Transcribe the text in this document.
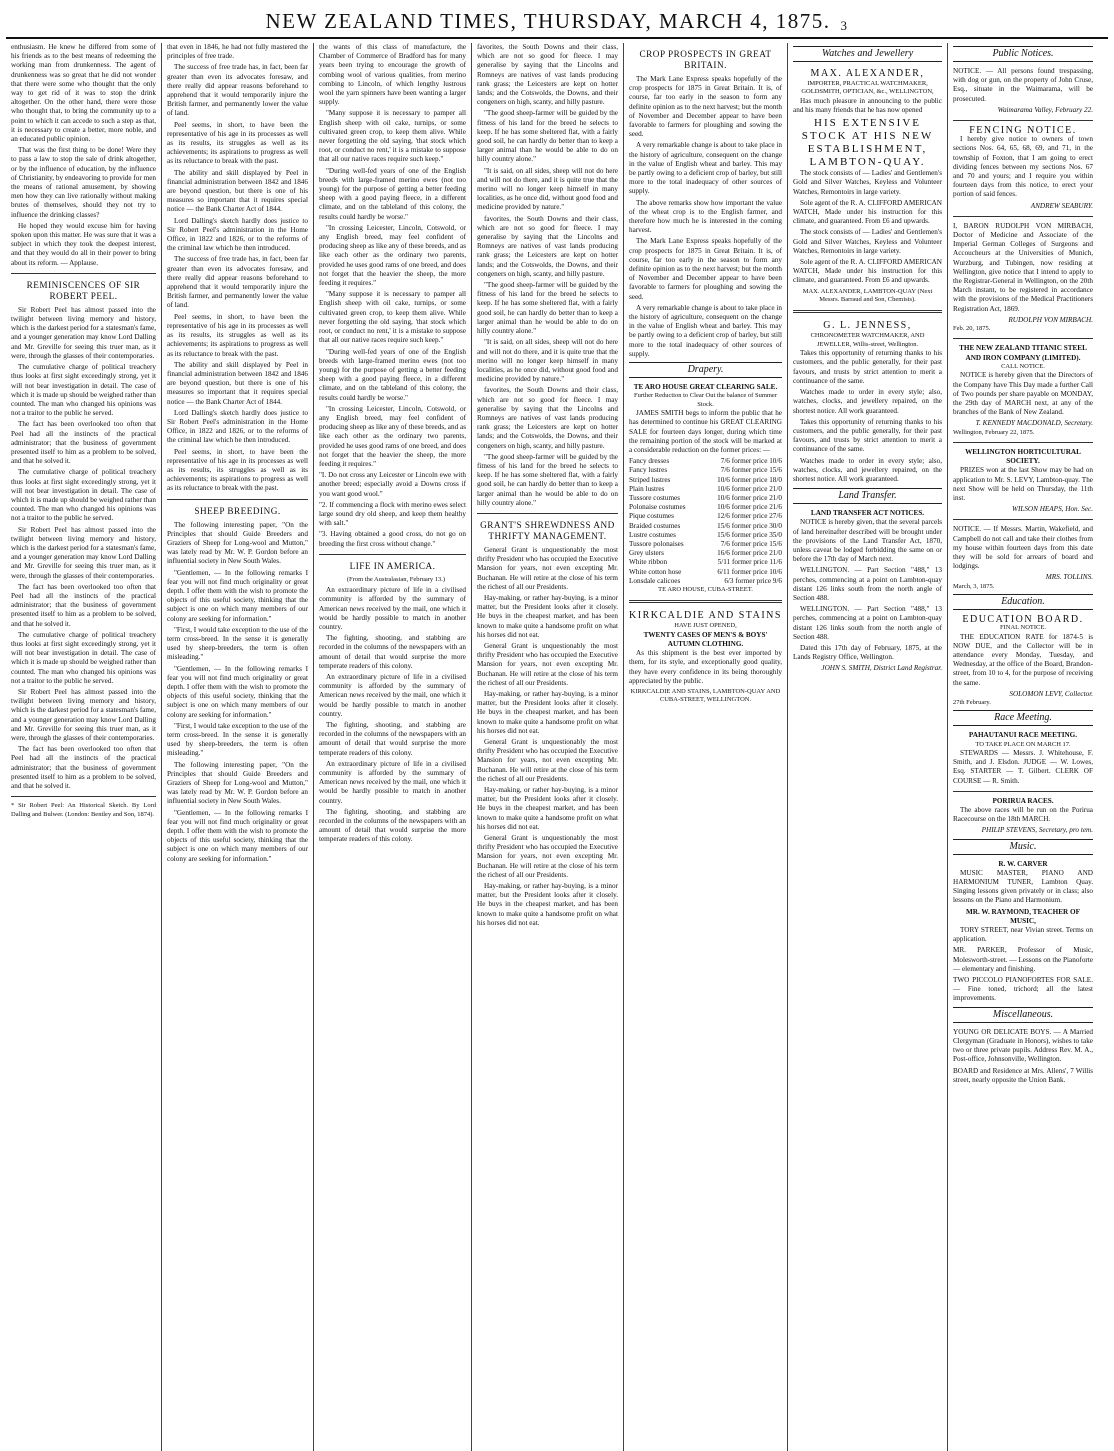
NEW ZEALAND TIMES, THURSDAY, MARCH 4, 1875. 3

enthusiasm. He knew he differed from some of his friends as to the best means of redeeming the working man from drunkenness. The agent of drunkenness was so great that he did not wonder that there were some who thought that the only way to get rid of it was to stop the drink altogether. On the other hand, there were those who thought that, to bring the community up to a point to which it can accede to such a step as that, it is necessary to create a better, more noble, and an educated public opinion.

That was the first thing to be done! Were they to pass a law to stop the sale of drink altogether, or by the influence of education, by the influence of Christianity, by endeavoring to provide for men the means of rational amusement, by showing men how they can live rationally without making brutes of themselves, should they not try to influence the drinking classes?

He hoped they would excuse him for having spoken upon this matter. He was sure that it was a subject in which they took the deepest interest, and that they would do all in their power to bring about its reform. — Applause.

REMINISCENCES OF SIR ROBERT PEEL.

Sir Robert Peel has almost passed into the twilight between living memory and history, which is the darkest period for a statesman's fame, and a younger generation may know Lord Dalling and Mr. Greville for seeing this truer man, as it were, through the glasses of their contemporaries.

The cumulative charge of political treachery thus looks at first sight exceedingly strong, yet it will not bear investigation in detail. The case of which it is made up should be weighed rather than counted. The man who changed his opinions was not a traitor to the public he served.

The fact has been overlooked too often that Peel had all the instincts of the practical administrator; that the business of government presented itself to him as a problem to be solved, and that he solved it.

The cumulative charge of political treachery thus looks at first sight exceedingly strong, yet it will not bear investigation in detail. The case of which it is made up should be weighed rather than counted. The man who changed his opinions was not a traitor to the public he served.

Sir Robert Peel has almost passed into the twilight between living memory and history, which is the darkest period for a statesman's fame, and a younger generation may know Lord Dalling and Mr. Greville for seeing this truer man, as it were, through the glasses of their contemporaries.

The fact has been overlooked too often that Peel had all the instincts of the practical administrator; that the business of government presented itself to him as a problem to be solved, and that he solved it.

The cumulative charge of political treachery thus looks at first sight exceedingly strong, yet it will not bear investigation in detail. The case of which it is made up should be weighed rather than counted. The man who changed his opinions was not a traitor to the public he served.

Sir Robert Peel has almost passed into the twilight between living memory and history, which is the darkest period for a statesman's fame, and a younger generation may know Lord Dalling and Mr. Greville for seeing this truer man, as it were, through the glasses of their contemporaries.

The fact has been overlooked too often that Peel had all the instincts of the practical administrator; that the business of government presented itself to him as a problem to be solved, and that he solved it.

* Sir Robert Peel: An Historical Sketch. By Lord Dalling and Bulwer. (London: Bentley and Son, 1874).

that even in 1846, he had not fully mastered the principles of free trade.

The success of free trade has, in fact, been far greater than even its advocates foresaw, and there really did appear reasons beforehand to apprehend that it would temporarily injure the British farmer, and permanently lower the value of land.

Peel seems, in short, to have been the representative of his age in its processes as well as its results, its struggles as well as its achievements; its aspirations to progress as well as its reluctance to break with the past.

The ability and skill displayed by Peel in financial administration between 1842 and 1846 are beyond question, but there is one of his measures so important that it requires special notice — the Bank Charter Act of 1844.

Lord Dalling's sketch hardly does justice to Sir Robert Peel's administration in the Home Office, in 1822 and 1826, or to the reforms of the criminal law which he then introduced.

The success of free trade has, in fact, been far greater than even its advocates foresaw, and there really did appear reasons beforehand to apprehend that it would temporarily injure the British farmer, and permanently lower the value of land.

Peel seems, in short, to have been the representative of his age in its processes as well as its results, its struggles as well as its achievements; its aspirations to progress as well as its reluctance to break with the past.

The ability and skill displayed by Peel in financial administration between 1842 and 1846 are beyond question, but there is one of his measures so important that it requires special notice — the Bank Charter Act of 1844.

Lord Dalling's sketch hardly does justice to Sir Robert Peel's administration in the Home Office, in 1822 and 1826, or to the reforms of the criminal law which he then introduced.

Peel seems, in short, to have been the representative of his age in its processes as well as its results, its struggles as well as its achievements; its aspirations to progress as well as its reluctance to break with the past.

SHEEP BREEDING.

The following interesting paper, "On the Principles that should Guide Breeders and Graziers of Sheep for Long-wool and Mutton," was lately read by Mr. W. P. Gordon before an influential society in New South Wales.

"Gentlemen, — In the following remarks I fear you will not find much originality or great depth. I offer them with the wish to promote the objects of this useful society, thinking that the subject is one on which many members of our colony are seeking for information."

"First, I would take exception to the use of the term cross-breed. In the sense it is generally used by sheep-breeders, the term is often misleading."

"Gentlemen, — In the following remarks I fear you will not find much originality or great depth. I offer them with the wish to promote the objects of this useful society, thinking that the subject is one on which many members of our colony are seeking for information."

"First, I would take exception to the use of the term cross-breed. In the sense it is generally used by sheep-breeders, the term is often misleading."

The following interesting paper, "On the Principles that should Guide Breeders and Graziers of Sheep for Long-wool and Mutton," was lately read by Mr. W. P. Gordon before an influential society in New South Wales.

"Gentlemen, — In the following remarks I fear you will not find much originality or great depth. I offer them with the wish to promote the objects of this useful society, thinking that the subject is one on which many members of our colony are seeking for information."

the wants of this class of manufacture, the Chamber of Commerce of Bradford has for many years been trying to encourage the growth of combing wool of various qualities, from merino combing to Lincoln, of which lengthy lustrous wool the yarn spinners have been wanting a larger supply.

"Many suppose it is necessary to pamper all English sheep with oil cake, turnips, or some cultivated green crop, to keep them alive. While never forgetting the old saying, 'that stock which root, or conduct no rent,' it is a mistake to suppose that all our native races require such keep."

"During well-fed years of one of the English breeds with large-framed merino ewes (not too young) for the purpose of getting a better feeding sheep with a good paying fleece, in a different climate, and on the tableland of this colony, the results could hardly be worse."

"In crossing Leicester, Lincoln, Cotswold, or any English breed, may feel confident of producing sheep as like any of these breeds, and as like each other as the ordinary two parents, provided he uses good rams of one breed, and does not forget that the heavier the sheep, the more feeding it requires."

"Many suppose it is necessary to pamper all English sheep with oil cake, turnips, or some cultivated green crop, to keep them alive. While never forgetting the old saying, 'that stock which root, or conduct no rent,' it is a mistake to suppose that all our native races require such keep."

"During well-fed years of one of the English breeds with large-framed merino ewes (not too young) for the purpose of getting a better feeding sheep with a good paying fleece, in a different climate, and on the tableland of this colony, the results could hardly be worse."

"In crossing Leicester, Lincoln, Cotswold, or any English breed, may feel confident of producing sheep as like any of these breeds, and as like each other as the ordinary two parents, provided he uses good rams of one breed, and does not forget that the heavier the sheep, the more feeding it requires."

"I. Do not cross any Leicester or Lincoln ewe with another breed; especially avoid a Downs cross if you want good wool."

"2. If commencing a flock with merino ewes select large sound dry old sheep, and keep them healthy with salt."

"3. Having obtained a good cross, do not go on breeding the first cross without change."

LIFE IN AMERICA.

(From the Australasian, February 13.)

An extraordinary picture of life in a civilised community is afforded by the summary of American news received by the mail, one which it would be hardly possible to match in another country.

The fighting, shooting, and stabbing are recorded in the columns of the newspapers with an amount of detail that would surprise the more temperate readers of this colony.

An extraordinary picture of life in a civilised community is afforded by the summary of American news received by the mail, one which it would be hardly possible to match in another country.

The fighting, shooting, and stabbing are recorded in the columns of the newspapers with an amount of detail that would surprise the more temperate readers of this colony.

An extraordinary picture of life in a civilised community is afforded by the summary of American news received by the mail, one which it would be hardly possible to match in another country.

The fighting, shooting, and stabbing are recorded in the columns of the newspapers with an amount of detail that would surprise the more temperate readers of this colony.

favorites, the South Downs and their class, which are not so good for fleece. I may generalise by saying that the Lincolns and Romneys are natives of vast lands producing rank grass; the Leicesters are kept on hotter lands; and the Cotswolds, the Downs, and their congeners on high, scanty, and hilly pasture.

"The good sheep-farmer will be guided by the fitness of his land for the breed he selects to keep. If he has some sheltered flat, with a fairly good soil, he can hardly do better than to keep a larger animal than he would be able to do on hilly country alone."

"It is said, on all sides, sheep will not do here and will not do there, and it is quite true that the merino will no longer keep himself in many localities, as he once did, without good food and medicine provided by nature."

favorites, the South Downs and their class, which are not so good for fleece. I may generalise by saying that the Lincolns and Romneys are natives of vast lands producing rank grass; the Leicesters are kept on hotter lands; and the Cotswolds, the Downs, and their congeners on high, scanty, and hilly pasture.

"The good sheep-farmer will be guided by the fitness of his land for the breed he selects to keep. If he has some sheltered flat, with a fairly good soil, he can hardly do better than to keep a larger animal than he would be able to do on hilly country alone."

"It is said, on all sides, sheep will not do here and will not do there, and it is quite true that the merino will no longer keep himself in many localities, as he once did, without good food and medicine provided by nature."

favorites, the South Downs and their class, which are not so good for fleece. I may generalise by saying that the Lincolns and Romneys are natives of vast lands producing rank grass; the Leicesters are kept on hotter lands; and the Cotswolds, the Downs, and their congeners on high, scanty, and hilly pasture.

"The good sheep-farmer will be guided by the fitness of his land for the breed he selects to keep. If he has some sheltered flat, with a fairly good soil, he can hardly do better than to keep a larger animal than he would be able to do on hilly country alone."

GRANT'S SHREWDNESS AND THRIFTY MANAGEMENT.

General Grant is unquestionably the most thrifty President who has occupied the Executive Mansion for years, not even excepting Mr. Buchanan. He will retire at the close of his term the richest of all our Presidents.

Hay-making, or rather hay-buying, is a minor matter, but the President looks after it closely. He buys in the cheapest market, and has been known to make quite a handsome profit on what his horses did not eat.

General Grant is unquestionably the most thrifty President who has occupied the Executive Mansion for years, not even excepting Mr. Buchanan. He will retire at the close of his term the richest of all our Presidents.

Hay-making, or rather hay-buying, is a minor matter, but the President looks after it closely. He buys in the cheapest market, and has been known to make quite a handsome profit on what his horses did not eat.

General Grant is unquestionably the most thrifty President who has occupied the Executive Mansion for years, not even excepting Mr. Buchanan. He will retire at the close of his term the richest of all our Presidents.

Hay-making, or rather hay-buying, is a minor matter, but the President looks after it closely. He buys in the cheapest market, and has been known to make quite a handsome profit on what his horses did not eat.

General Grant is unquestionably the most thrifty President who has occupied the Executive Mansion for years, not even excepting Mr. Buchanan. He will retire at the close of his term the richest of all our Presidents.

Hay-making, or rather hay-buying, is a minor matter, but the President looks after it closely. He buys in the cheapest market, and has been known to make quite a handsome profit on what his horses did not eat.

CROP PROSPECTS IN GREAT BRITAIN.

The Mark Lane Express speaks hopefully of the crop prospects for 1875 in Great Britain. It is, of course, far too early in the season to form any definite opinion as to the next harvest; but the month of November and December appear to have been favorable to farmers for ploughing and sowing the seed.

A very remarkable change is about to take place in the history of agriculture, consequent on the change in the value of English wheat and barley. This may be partly owing to a deficient crop of barley, but still more to the total inadequacy of other sources of supply.

The above remarks show how important the value of the wheat crop is to the English farmer, and therefore how much he is interested in the coming harvest.

The Mark Lane Express speaks hopefully of the crop prospects for 1875 in Great Britain. It is, of course, far too early in the season to form any definite opinion as to the next harvest; but the month of November and December appear to have been favorable to farmers for ploughing and sowing the seed.

A very remarkable change is about to take place in the history of agriculture, consequent on the change in the value of English wheat and barley. This may be partly owing to a deficient crop of barley, but still more to the total inadequacy of other sources of supply.

Drapery.
TE ARO HOUSE GREAT CLEARING SALE.
Further Reduction to Clear Out the balance of Summer Stock.

JAMES SMITH begs to inform the public that he has determined to continue his GREAT CLEARING SALE for fourteen days longer, during which time the remaining portion of the stock will be marked at a considerable reduction on the former prices: —

Fancy dresses	7/6 former price 10/6
Fancy lustres	7/6 former price 15/6
Striped lustres	10/6 former price 18/0
Plain lustres	10/6 former price 21/0
Tussore costumes	10/6 former price 21/0
Polonaise costumes	10/6 former price 21/6
Pique costumes	12/6 former price 27/6
Braided costumes	15/6 former price 30/0
Lustre costumes	15/6 former price 35/0
Tussore polonaises	7/6 former price 15/6
Grey ulsters	16/6 former price 21/0
White ribbon	5/11 former price 11/6
White cotton hose	6/11 former price 10/6
Lonsdale calicoes	6/3 former price 9/6
TE ARO HOUSE, CUBA-STREET.
KIRKCALDIE AND STAINS
HAVE JUST OPENED,
TWENTY CASES OF MEN'S & BOYS' AUTUMN CLOTHING.

As this shipment is the best ever imported by them, for its style, and exceptionally good quality, they have every confidence in its being thoroughly appreciated by the public.

KIRKCALDIE AND STAINS, LAMBTON-QUAY AND CUBA-STREET, WELLINGTON.
Watches and Jewellery
MAX. ALEXANDER,
IMPORTER, PRACTICAL WATCHMAKER, GOLDSMITH, OPTICIAN, &c., WELLINGTON,

Has much pleasure in announcing to the public and his many friends that he has now opened

HIS EXTENSIVE STOCK AT HIS NEW ESTABLISHMENT, LAMBTON-QUAY.

The stock consists of — Ladies' and Gentlemen's Gold and Silver Watches, Keyless and Volunteer Watches, Remontoirs in large variety.

Sole agent of the R. A. CLIFFORD AMERICAN WATCH, Made under his instruction for this climate, and guaranteed. From £6 and upwards.

The stock consists of — Ladies' and Gentlemen's Gold and Silver Watches, Keyless and Volunteer Watches, Remontoirs in large variety.

Sole agent of the R. A. CLIFFORD AMERICAN WATCH, Made under his instruction for this climate, and guaranteed. From £6 and upwards.

MAX. ALEXANDER, LAMBTON-QUAY (Next Messrs. Barraud and Son, Chemists).
G. L. JENNESS,
CHRONOMETER WATCHMAKER, AND JEWELLER, Willis-street, Wellington.

Takes this opportunity of returning thanks to his customers, and the public generally, for their past favours, and trusts by strict attention to merit a continuance of the same.

Watches made to order in every style; also, watches, clocks, and jewellery repaired, on the shortest notice. All work guaranteed.

Takes this opportunity of returning thanks to his customers, and the public generally, for their past favours, and trusts by strict attention to merit a continuance of the same.

Watches made to order in every style; also, watches, clocks, and jewellery repaired, on the shortest notice. All work guaranteed.

Land Transfer.
LAND TRANSFER ACT NOTICES.

NOTICE is hereby given, that the several parcels of land hereinafter described will be brought under the provisions of the Land Transfer Act, 1870, unless caveat be lodged forbidding the same on or before the 17th day of March next.

WELLINGTON. — Part Section "488," 13 perches, commencing at a point on Lambton-quay distant 126 links south from the north angle of Section 488.

WELLINGTON. — Part Section "488," 13 perches, commencing at a point on Lambton-quay distant 126 links south from the north angle of Section 488.

Dated this 17th day of February, 1875, at the Lands Registry Office, Wellington.

JOHN S. SMITH, District Land Registrar.
Public Notices.

NOTICE. — All persons found trespassing, with dog or gun, on the property of John Cruse, Esq., situate in the Waimarama, will be prosecuted.

Waimarama Valley, February 22.
FENCING NOTICE.

I hereby give notice to owners of town sections Nos. 64, 65, 68, 69, and 71, in the township of Foxton, that I am going to erect dividing fences between my sections Nos. 67 and 70 and yours; and I require you within fourteen days from this notice, to erect your portion of said fences.

ANDREW SEABURY.

I, BARON RUDOLPH VON MIRBACH, Doctor of Medicine and Associate of the Imperial German Colleges of Surgeons and Accoucheurs at the Universities of Munich, Wurzburg, and Tubingen, now residing at Wellington, give notice that I intend to apply to the Registrar-General in Wellington, on the 20th March instant, to be registered in accordance with the provisions of the Medical Practitioners Registration Act, 1869.

RUDOLPH VON MIRBACH.
Feb. 20, 1875.
THE NEW ZEALAND TITANIC STEEL AND IRON COMPANY (LIMITED).
CALL NOTICE.

NOTICE is hereby given that the Directors of the Company have This Day made a further Call of Two pounds per share payable on MONDAY, the 29th day of MARCH next, at any of the branches of the Bank of New Zealand.

T. KENNEDY MACDONALD, Secretary.
Wellington, February 22, 1875.
WELLINGTON HORTICULTURAL SOCIETY.

PRIZES won at the last Show may be had on application to Mr. S. LEVY, Lambton-quay. The next Show will be held on Thursday, the 11th inst.

WILSON HEAPS, Hon. Sec.

NOTICE. — If Messrs. Martin, Wakefield, and Campbell do not call and take their clothes from my house within fourteen days from this date they will be sold for arrears of board and lodgings.

MRS. TOLLINS.
March, 3, 1875.
Education.
EDUCATION BOARD.
FINAL NOTICE.

THE EDUCATION RATE for 1874-5 is NOW DUE, and the Collector will be in attendance every Monday, Tuesday, and Wednesday, at the office of the Board, Brandon-street, from 10 to 4, for the purpose of receiving the same.

SOLOMON LEVY, Collector.
27th February.
Race Meeting.
PAHAUTANUI RACE MEETING.
TO TAKE PLACE ON MARCH 17.

STEWARDS — Messrs. J. Whitehouse, F. Smith, and J. Elsdon. JUDGE — W. Lowes, Esq. STARTER — T. Gilbert. CLERK OF COURSE — R. Smith.

PORIRUA RACES.

The above races will be run on the Porirua Racecourse on the 18th MARCH.

PHILIP STEVENS, Secretary, pro tem.
Music.
R. W. CARVER

MUSIC MASTER, PIANO AND HARMONIUM TUNER, Lambton Quay. Singing lessons given privately or in class; also lessons on the Piano and Harmonium.

MR. W. RAYMOND, TEACHER OF MUSIC,

TORY STREET, near Vivian street. Terms on application.

MR. PARKER, Professor of Music, Molesworth-street. — Lessons on the Pianoforte — elementary and finishing.

TWO PICCOLO PIANOFORTES FOR SALE. — Fine toned, trichord; all the latest improvements.

Miscellaneous.

YOUNG OR DELICATE BOYS. — A Married Clergyman (Graduate in Honors), wishes to take two or three private pupils. Address Rev. M. A., Post-office, Johnsonville, Wellington.

BOARD and Residence at Mrs. Allens', 7 Willis street, nearly opposite the Union Bank.
